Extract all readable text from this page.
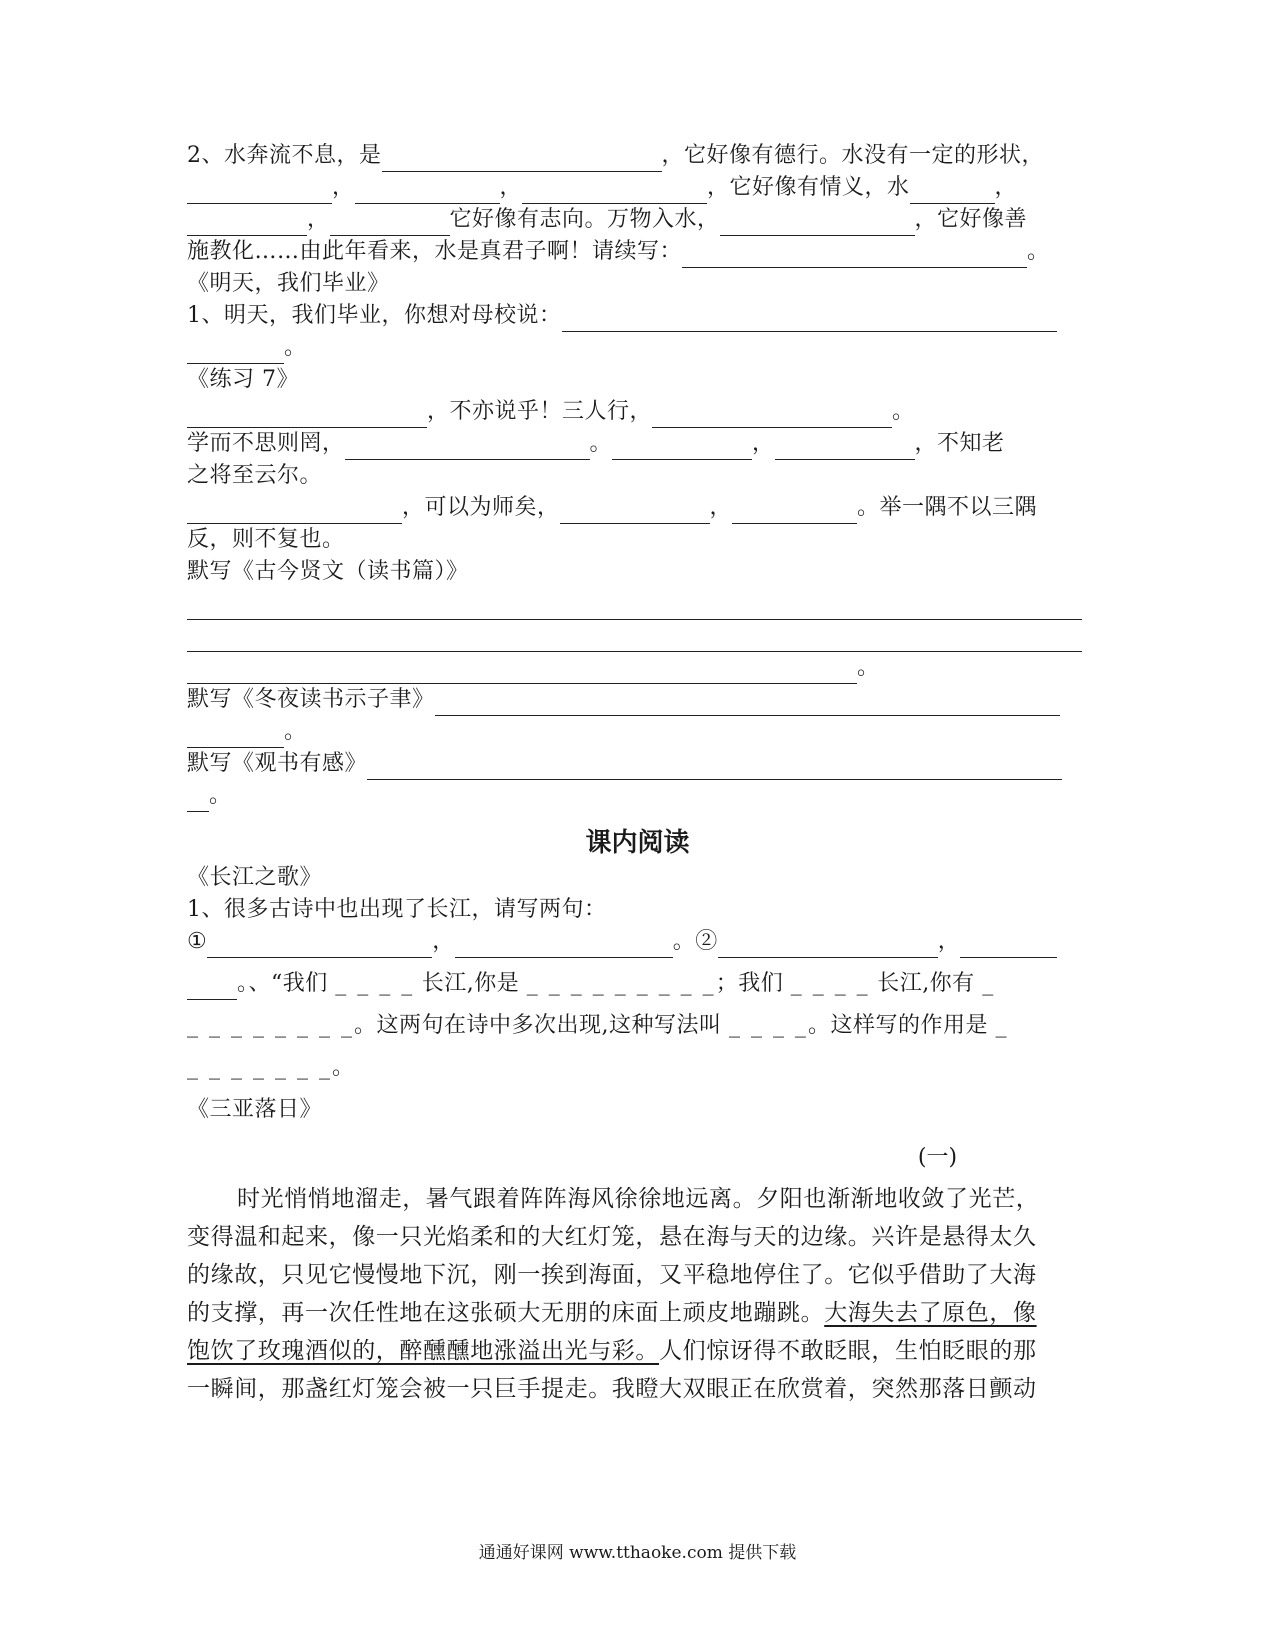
2、水奔流不息，是	，它好像有德行。水没有一定的形状，
，	，	，它好像有情义，水	，
，	它好像有志向。万物入水，	，它好像善
施教化……由此年看来，水是真君子啊！请续写：	。
《明天，我们毕业》
1、明天，我们毕业，你想对母校说：
。
《练习 7》
，不亦说乎！三人行，	。
学而不思则罔，	。	，	，不知老
之将至云尔。
，可以为师矣，	，	。举一隅不以三隅
反，则不复也。
默写《古今贤文（读书篇）》
。
默写《冬夜读书示子聿》
。
默写《观书有感》
。
课内阅读
《长江之歌》
1、很多古诗中也出现了长江，请写两句：
①	，	。②	，
。、“我们 _ _ _ _ 长江,你是 _ _ _ _ _ _ _ _ _；我们 _ _ _ _ 长江,你有 _
_ _ _ _ _ _ _ _。这两句在诗中多次出现,这种写法叫 _ _ _ _。这样写的作用是 _
_ _ _ _ _ _ _。
《三亚落日》
(一)
时光悄悄地溜走，暑气跟着阵阵海风徐徐地远离。夕阳也渐渐地收敛了光芒，
变得温和起来，像一只光焰柔和的大红灯笼，悬在海与天的边缘。兴许是悬得太久
的缘故，只见它慢慢地下沉，刚一挨到海面，又平稳地停住了。它似乎借助了大海
的支撑，再一次任性地在这张硕大无朋的床面上顽皮地蹦跳。大海失去了原色，像
饱饮了玫瑰酒似的，醉醺醺地涨溢出光与彩。人们惊讶得不敢眨眼，生怕眨眼的那
一瞬间，那盏红灯笼会被一只巨手提走。我瞪大双眼正在欣赏着，突然那落日颤动
通通好课网 www.tthaoke.com 提供下载
